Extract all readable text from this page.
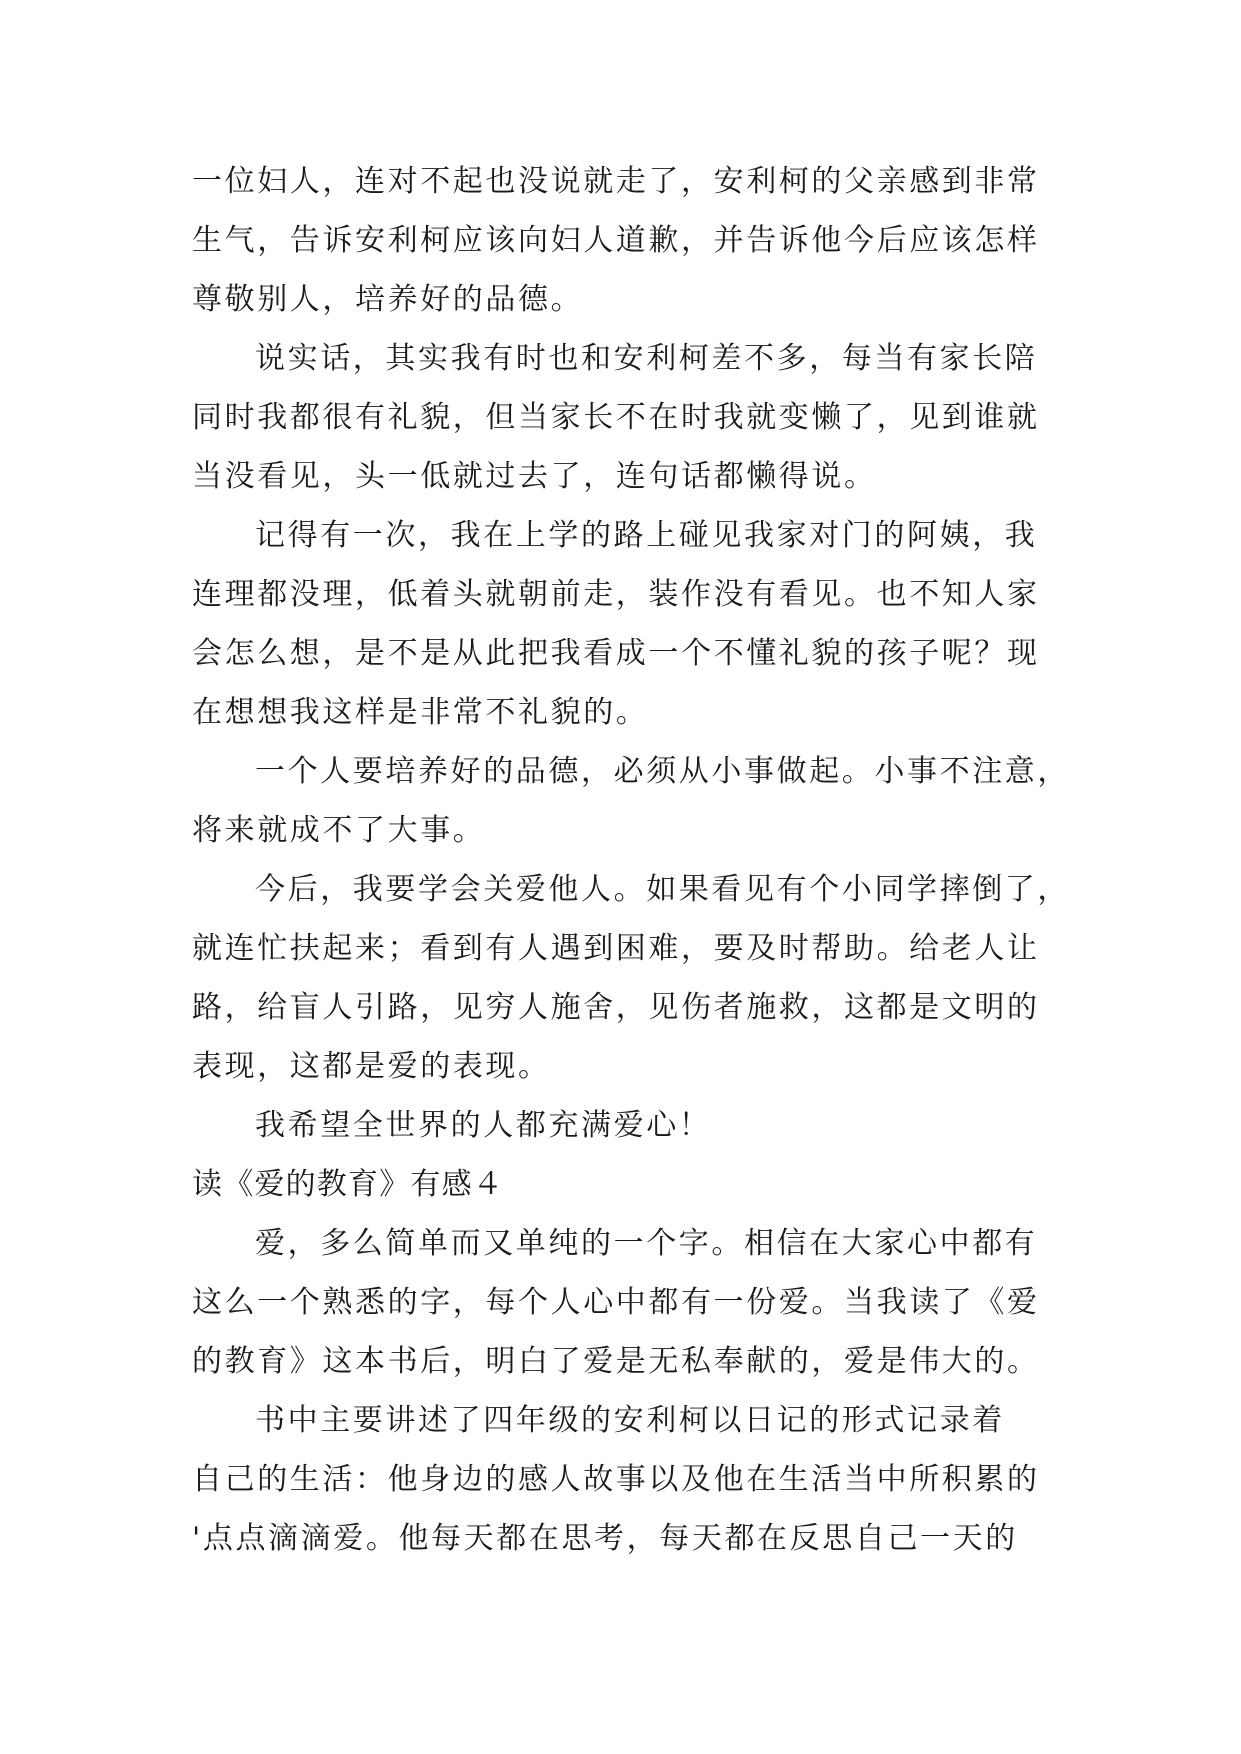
一位妇人，连对不起也没说就走了，安利柯的父亲感到非常
生气，告诉安利柯应该向妇人道歉，并告诉他今后应该怎样
尊敬别人，培养好的品德。
说实话，其实我有时也和安利柯差不多，每当有家长陪
同时我都很有礼貌，但当家长不在时我就变懒了，见到谁就
当没看见，头一低就过去了，连句话都懒得说。
记得有一次，我在上学的路上碰见我家对门的阿姨，我
连理都没理，低着头就朝前走，装作没有看见。也不知人家
会怎么想，是不是从此把我看成一个不懂礼貌的孩子呢？现
在想想我这样是非常不礼貌的。
一个人要培养好的品德，必须从小事做起。小事不注意，
将来就成不了大事。
今后，我要学会关爱他人。如果看见有个小同学摔倒了，
就连忙扶起来；看到有人遇到困难，要及时帮助。给老人让
路，给盲人引路，见穷人施舍，见伤者施救，这都是文明的
表现，这都是爱的表现。
我希望全世界的人都充满爱心！
读《爱的教育》有感４
爱，多么简单而又单纯的一个字。相信在大家心中都有
这么一个熟悉的字，每个人心中都有一份爱。当我读了《爱
的教育》这本书后，明白了爱是无私奉献的，爱是伟大的。
书中主要讲述了四年级的安利柯以日记的形式记录着
自己的生活：他身边的感人故事以及他在生活当中所积累的
'点点滴滴爱。他每天都在思考，每天都在反思自己一天的
